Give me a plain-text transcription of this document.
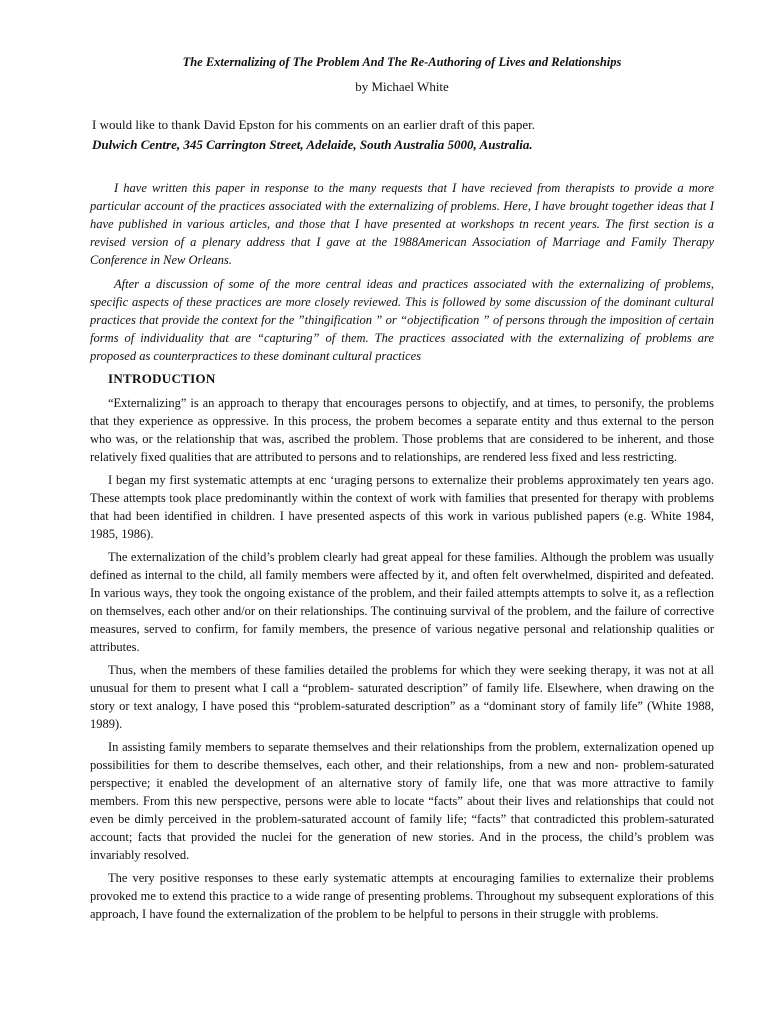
The Externalizing of The Problem And The Re-Authoring of Lives and Relationships

by Michael White

I would like to thank David Epston for his comments on an earlier draft of this paper.

Dulwich Centre, 345 Carrington Street, Adelaide, South Australia 5000, Australia.

I have written this paper in response to the many requests that I have recieved from therapists to provide a more particular account of the practices associated with the externalizing of problems. Here, I have brought together ideas that I have published in various articles, and those that I have presented at workshops tn recent years. The first section is a revised version of a plenary address that I gave at the 1988American Association of Marriage and Family Therapy Conference in New Orleans.

After a discussion of some of the more central ideas and practices associated with the externalizing of problems, specific aspects of these practices are more closely reviewed. This is followed by some discussion of the dominant cultural practices that provide the context for the ”thingification ” or “objectification ” of persons through the imposition of certain forms of individuality that are “capturing” of them. The practices associated with the externalizing of problems are proposed as counterpractices to these dominant cultural practices

INTRODUCTION

“Externalizing” is an approach to therapy that encourages persons to objectify, and at times, to personify, the problems that they experience as oppressive. In this process, the probem becomes a separate entity and thus external to the person who was, or the relationship that was, ascribed the problem. Those problems that are considered to be inherent, and those relatively fixed qualities that are attributed to persons and to relationships, are rendered less fixed and less restricting.

I began my first systematic attempts at enc ‘uraging persons to externalize their problems approximately ten years ago. These attempts took place predominantly within the context of work with families that presented for therapy with problems that had been identified in children. I have presented aspects of this work in various published papers (e.g. White 1984, 1985, 1986).

The externalization of the child’s problem clearly had great appeal for these families. Although the problem was usually defined as internal to the child, all family members were affected by it, and often felt overwhelmed, dispirited and defeated. In various ways, they took the ongoing existance of the problem, and their failed attempts attempts to solve it, as a reflection on themselves, each other and/or on their relationships. The continuing survival of the problem, and the failure of corrective measures, served to confirm, for family members, the presence of various negative personal and relationship qualities or attributes.

Thus, when the members of these families detailed the problems for which they were seeking therapy, it was not at all unusual for them to present what I call a “problem- saturated description” of family life. Elsewhere, when drawing on the story or text analogy, I have posed this “problem-saturated description” as a “dominant story of family life” (White 1988, 1989).

In assisting family members to separate themselves and their relationships from the problem, externalization opened up possibilities for them to describe themselves, each other, and their relationships, from a new and non- problem-saturated perspective; it enabled the development of an alternative story of family life, one that was more attractive to family members. From this new perspective, persons were able to locate “facts” about their lives and relationships that could not even be dimly perceived in the problem-saturated account of family life; “facts” that contradicted this problem-saturated account; facts that provided the nuclei for the generation of new stories. And in the process, the child’s problem was invariably resolved.

The very positive responses to these early systematic attempts at encouraging families to externalize their problems provoked me to extend this practice to a wide range of presenting problems. Throughout my subsequent explorations of this approach, I have found the externalization of the problem to be helpful to persons in their struggle with problems.
